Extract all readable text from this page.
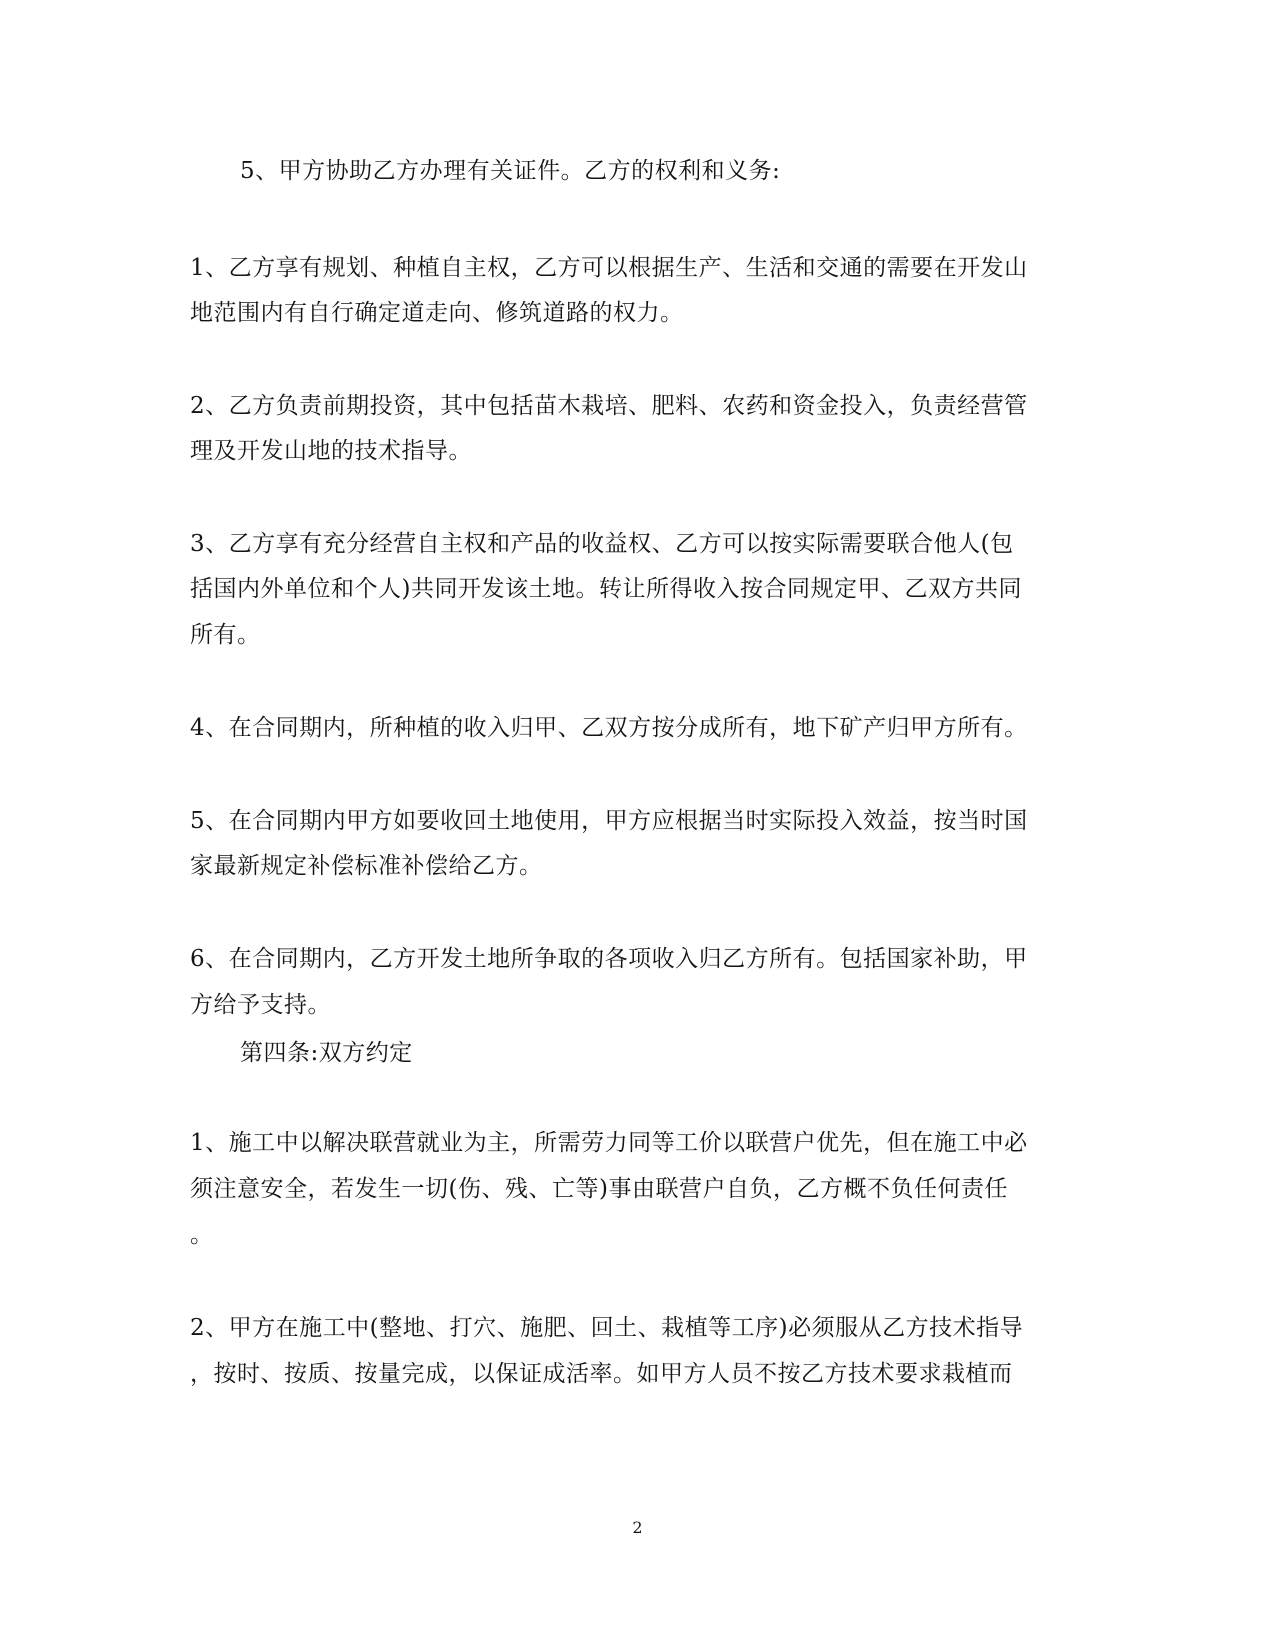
5、甲方协助乙方办理有关证件。乙方的权利和义务:
1、乙方享有规划、种植自主权，乙方可以根据生产、生活和交通的需要在开发山
地范围内有自行确定道走向、修筑道路的权力。
2、乙方负责前期投资，其中包括苗木栽培、肥料、农药和资金投入，负责经营管
理及开发山地的技术指导。
3、乙方享有充分经营自主权和产品的收益权、乙方可以按实际需要联合他人(包
括国内外单位和个人)共同开发该土地。转让所得收入按合同规定甲、乙双方共同
所有。
4、在合同期内，所种植的收入归甲、乙双方按分成所有，地下矿产归甲方所有。
5、在合同期内甲方如要收回土地使用，甲方应根据当时实际投入效益，按当时国
家最新规定补偿标准补偿给乙方。
6、在合同期内，乙方开发土地所争取的各项收入归乙方所有。包括国家补助，甲
方给予支持。
第四条:双方约定
1、施工中以解决联营就业为主，所需劳力同等工价以联营户优先，但在施工中必
须注意安全，若发生一切(伤、残、亡等)事由联营户自负，乙方概不负任何责任
。
2、甲方在施工中(整地、打穴、施肥、回土、栽植等工序)必须服从乙方技术指导
，按时、按质、按量完成，以保证成活率。如甲方人员不按乙方技术要求栽植而
2
